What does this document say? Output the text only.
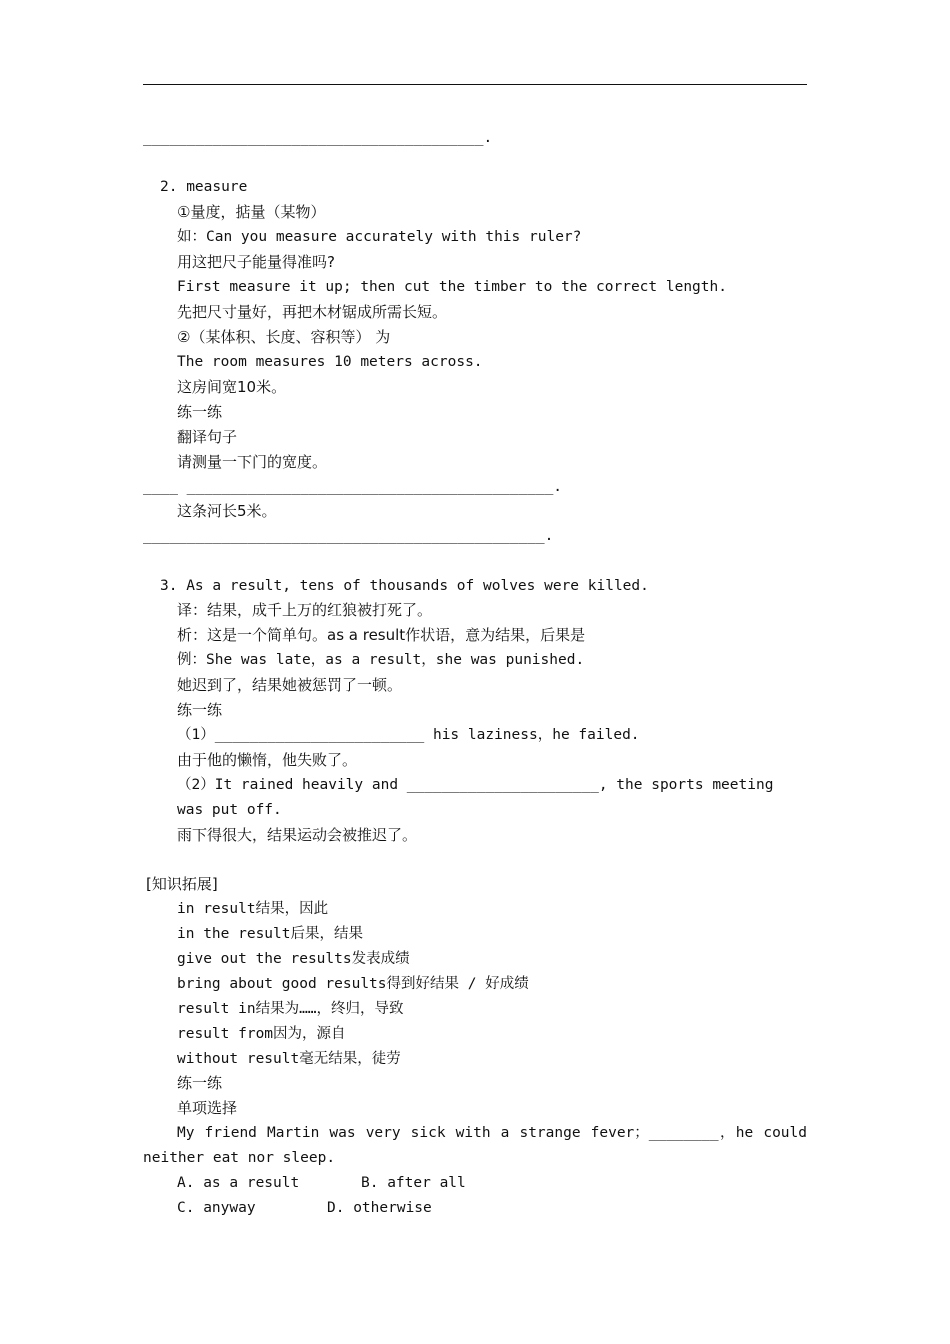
_______________________________________.
2. measure
①量度，掂量（某物）
如：Can you measure accurately with this ruler?
用这把尺子能量得准吗?
First measure it up; then cut the timber to the correct length.
先把尺寸量好，再把木材锯成所需长短。
②（某体积、长度、容积等） 为
The room measures 10 meters across.
这房间宽10米。
练一练
翻译句子
请测量一下门的宽度。
____ __________________________________________.
这条河长5米。
______________________________________________.
3. As a result, tens of thousands of wolves were killed.
译：结果，成千上万的红狼被打死了。
析：这是一个简单句。as a result作状语，意为结果，后果是
例：She was late，as a result，she was punished.
她迟到了，结果她被惩罚了一顿。
练一练
（1）________________________ his laziness，he failed.
由于他的懒惰，他失败了。
（2）It rained heavily and ______________________, the sports meeting
was put off.
雨下得很大，结果运动会被推迟了。
[知识拓展]
in result结果，因此
in the result后果，结果
give out the results发表成绩
bring about good results得到好结果 / 好成绩
result in结果为……，终归，导致
result from因为，源自
without result毫无结果，徒劳
练一练
单项选择
My friend Martin was very sick with a strange fever；________，he could
neither eat nor sleep.
A. as a result	B. after all
C. anyway	D. otherwise
